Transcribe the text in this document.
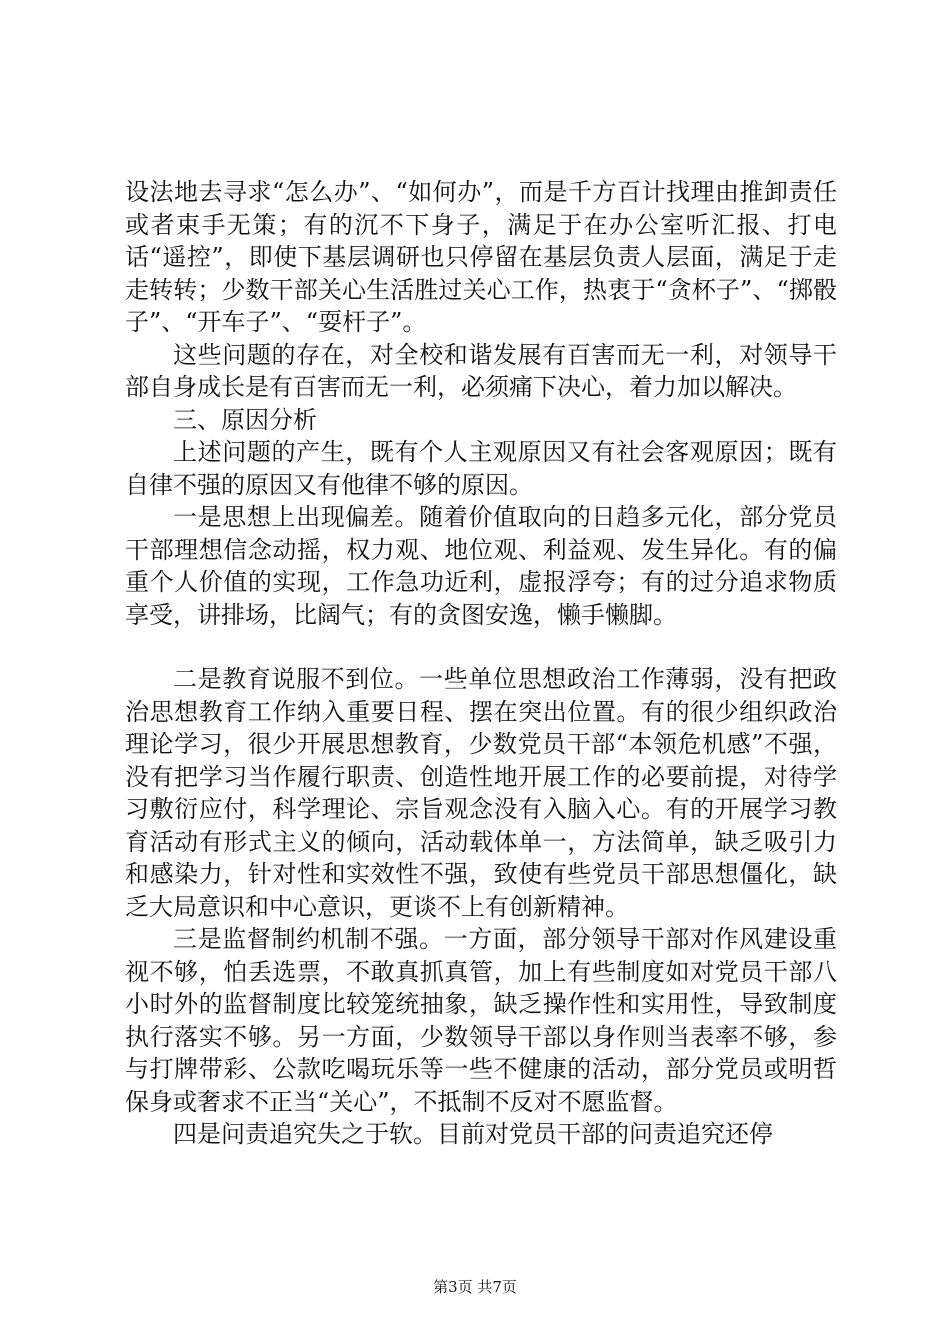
设法地去寻求“怎么办”、“如何办”，而是千方百计找理由推卸责任或者束手无策；有的沉不下身子，满足于在办公室听汇报、打电话“遥控”，即使下基层调研也只停留在基层负责人层面，满足于走走转转；少数干部关心生活胜过关心工作，热衷于“贪杯子”、“掷骰子”、“开车子”、“耍杆子”。

这些问题的存在，对全校和谐发展有百害而无一利，对领导干部自身成长是有百害而无一利，必须痛下决心，着力加以解决。

三、原因分析

上述问题的产生，既有个人主观原因又有社会客观原因；既有自律不强的原因又有他律不够的原因。

一是思想上出现偏差。随着价值取向的日趋多元化，部分党员干部理想信念动摇，权力观、地位观、利益观、发生异化。有的偏重个人价值的实现，工作急功近利，虚报浮夸；有的过分追求物质享受，讲排场，比阔气；有的贪图安逸，懒手懒脚。

二是教育说服不到位。一些单位思想政治工作薄弱，没有把政治思想教育工作纳入重要日程、摆在突出位置。有的很少组织政治理论学习，很少开展思想教育，少数党员干部“本领危机感”不强，没有把学习当作履行职责、创造性地开展工作的必要前提，对待学习敷衍应付，科学理论、宗旨观念没有入脑入心。有的开展学习教育活动有形式主义的倾向，活动载体单一，方法简单，缺乏吸引力和感染力，针对性和实效性不强，致使有些党员干部思想僵化，缺乏大局意识和中心意识，更谈不上有创新精神。

三是监督制约机制不强。一方面，部分领导干部对作风建设重视不够，怕丢选票，不敢真抓真管，加上有些制度如对党员干部八小时外的监督制度比较笼统抽象，缺乏操作性和实用性，导致制度执行落实不够。另一方面，少数领导干部以身作则当表率不够，参与打牌带彩、公款吃喝玩乐等一些不健康的活动，部分党员或明哲保身或奢求不正当“关心”，不抵制不反对不愿监督。

四是问责追究失之于软。目前对党员干部的问责追究还停

第3页 共7页
